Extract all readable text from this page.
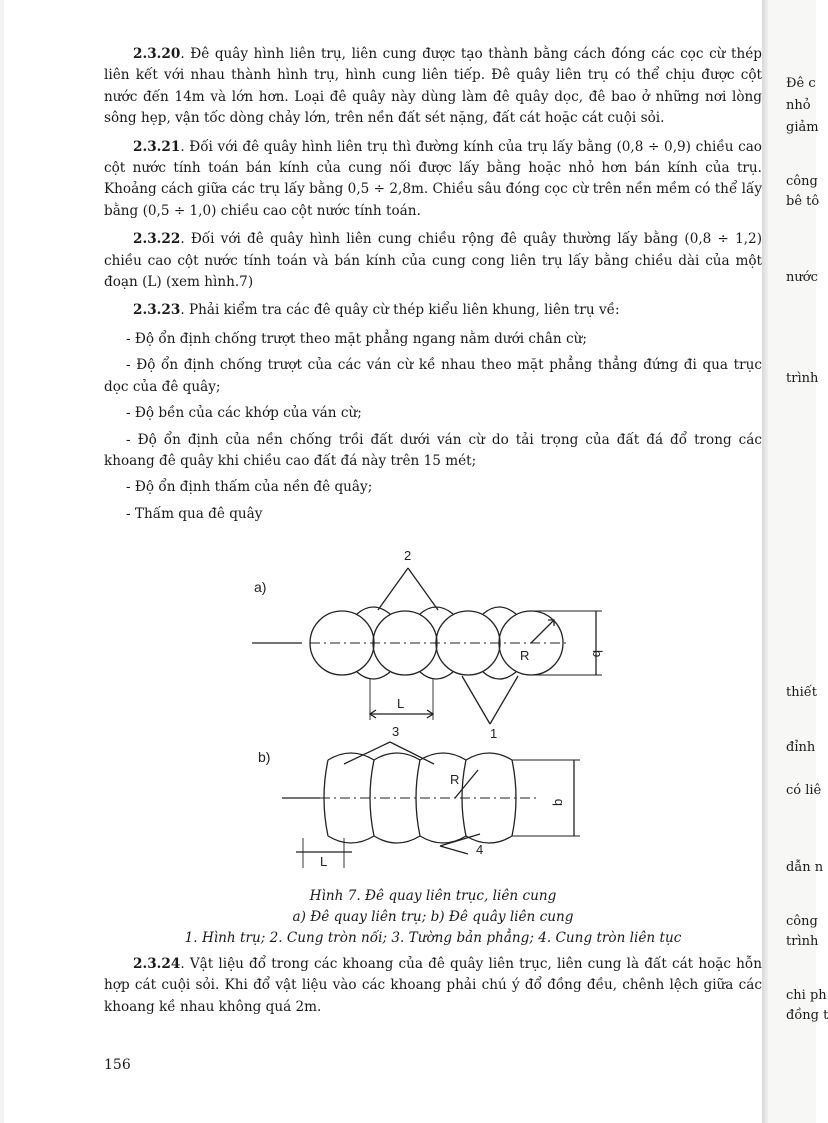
2.3.20. Đê quây hình liên trụ, liên cung được tạo thành bằng cách đóng các cọc cừ thép liên kết với nhau thành hình trụ, hình cung liên tiếp. Đê quây liên trụ có thể chịu được cột nước đến 14m và lớn hơn. Loại đê quây này dùng làm đê quây dọc, đê bao ở những nơi lòng sông hẹp, vận tốc dòng chảy lớn, trên nền đất sét nặng, đất cát hoặc cát cuội sỏi.

2.3.21. Đối với đê quây hình liên trụ thì đường kính của trụ lấy bằng (0,8 ÷ 0,9) chiều cao cột nước tính toán bán kính của cung nối được lấy bằng hoặc nhỏ hơn bán kính của trụ. Khoảng cách giữa các trụ lấy bằng 0,5 ÷ 2,8m. Chiều sâu đóng cọc cừ trên nền mềm có thể lấy bằng (0,5 ÷ 1,0) chiều cao cột nước tính toán.

2.3.22. Đối với đê quây hình liên cung chiều rộng đê quây thường lấy bằng (0,8 ÷ 1,2) chiều cao cột nước tính toán và bán kính của cung cong liên trụ lấy bằng chiều dài của một đoạn (L) (xem hình.7)

2.3.23. Phải kiểm tra các đê quây cừ thép kiểu liên khung, liên trụ về:

- Độ ổn định chống trượt theo mặt phẳng ngang nằm dưới chân cừ;

- Độ ổn định chống trượt của các ván cừ kề nhau theo mặt phẳng thẳng đứng đi qua trục dọc của đê quây;

- Độ bền của các khớp của ván cừ;

- Độ ổn định của nền chống trồi đất dưới ván cừ do tải trọng của đất đá đổ trong các khoang đê quây khi chiều cao đất đá này trên 15 mét;

- Độ ổn định thấm của nền đê quây;

- Thấm qua đê quây

a)
2
R	b
L
1
b)
3
R
b
L
4
Hình 7. Đê quay liên trục, liên cung
a) Đê quay liên trụ; b) Đê quây liên cung
1. Hình trụ; 2. Cung tròn nối; 3. Tường bản phẳng; 4. Cung tròn liên tục

2.3.24. Vật liệu đổ trong các khoang của đê quây liên trục, liên cung là đất cát hoặc hỗn hợp cát cuội sỏi. Khi đổ vật liệu vào các khoang phải chú ý đổ đồng đều, chênh lệch giữa các khoang kề nhau không quá 2m.

156
Đê c
nhỏ
giảm
công
bê tô
nước
trình
thiết
đỉnh
có liê
dẫn n
công
trình
chi ph
đồng t
